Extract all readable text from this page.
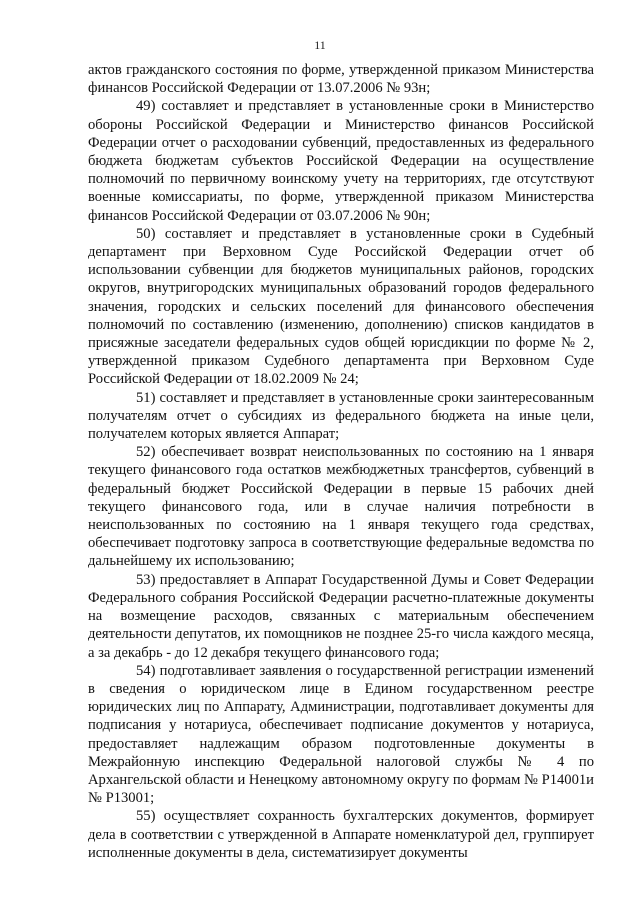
11

актов гражданского состояния по форме, утвержденной приказом Министерства финансов Российской Федерации от 13.07.2006 № 93н;

49) составляет и представляет в установленные сроки в Министерство обороны Российской Федерации и Министерство финансов Российской Федерации отчет о расходовании субвенций, предоставленных из федерального бюджета бюджетам субъектов Российской Федерации на осуществление полномочий по первичному воинскому учету на территориях, где отсутствуют военные комиссариаты, по форме, утвержденной приказом Министерства финансов Российской Федерации от 03.07.2006 № 90н;

50) составляет и представляет в установленные сроки в Судебный департамент при Верховном Суде Российской Федерации отчет об использовании субвенции для бюджетов муниципальных районов, городских округов, внутригородских муниципальных образований городов федерального значения, городских и сельских поселений для финансового обеспечения полномочий по составлению (изменению, дополнению) списков кандидатов в присяжные заседатели федеральных судов общей юрисдикции по форме № 2, утвержденной приказом Судебного департамента при Верховном Суде Российской Федерации от 18.02.2009 № 24;

51) составляет и представляет в установленные сроки заинтересованным получателям отчет о субсидиях из федерального бюджета на иные цели, получателем которых является Аппарат;

52) обеспечивает возврат неиспользованных по состоянию на 1 января текущего финансового года остатков межбюджетных трансфертов, субвенций в федеральный бюджет Российской Федерации в первые 15 рабочих дней текущего финансового года, или в случае наличия потребности в неиспользованных по состоянию на 1 января текущего года средствах, обеспечивает подготовку запроса в соответствующие федеральные ведомства по дальнейшему их использованию;

53) предоставляет в Аппарат Государственной Думы и Совет Федерации Федерального собрания Российской Федерации расчетно-платежные документы на возмещение расходов, связанных с материальным обеспечением деятельности депутатов, их помощников не позднее 25-го числа каждого месяца, а за декабрь - до 12 декабря текущего финансового года;

54) подготавливает заявления о государственной регистрации изменений в сведения о юридическом лице в Едином государственном реестре юридических лиц по Аппарату, Администрации, подготавливает документы для подписания у нотариуса, обеспечивает подписание документов у нотариуса, предоставляет надлежащим образом подготовленные документы в Межрайонную инспекцию Федеральной налоговой службы № 4 по Архангельской области и Ненецкому автономному округу по формам № Р14001и № Р13001;

55) осуществляет сохранность бухгалтерских документов, формирует дела в соответствии с утвержденной в Аппарате номенклатурой дел, группирует исполненные документы в дела, систематизирует документы
